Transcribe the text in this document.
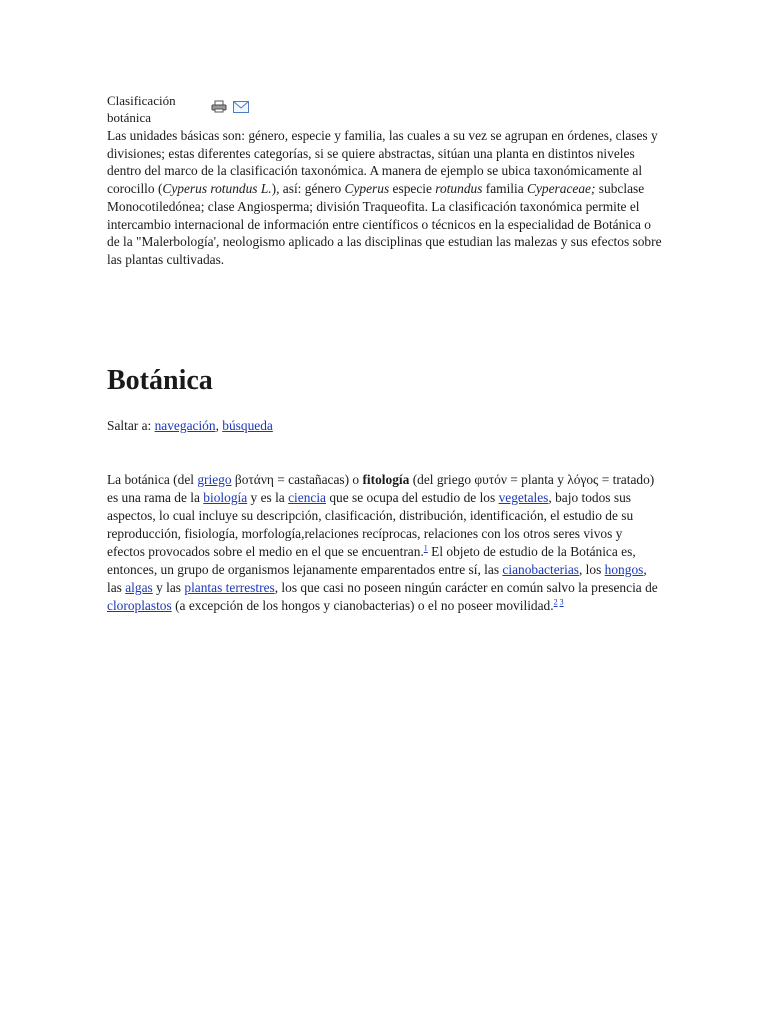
Clasificación botánica

Las unidades básicas son: género, especie y familia, las cuales a su vez se agrupan en órdenes, clases y divisiones; estas diferentes categorías, si se quiere abstractas, sitúan una planta en distintos niveles dentro del marco de la clasificación taxonómica. A manera de ejemplo se ubica taxonómicamente al corocillo (Cyperus rotundus L.), así: género Cyperus especie rotundus familia Cyperaceae; subclase Monocotiledónea; clase Angiosperma; división Traqueofita. La clasificación taxonómica permite el intercambio internacional de información entre científicos o técnicos en la especialidad de Botánica o de la "Malerbología', neologismo aplicado a las disciplinas que estudian las malezas y sus efectos sobre las plantas cultivadas.

Botánica
Saltar a: navegación, búsqueda

La botánica (del griego βοτάνη = castañacas) o fitología (del griego φυτόν = planta y λόγος = tratado) es una rama de la biología y es la ciencia que se ocupa del estudio de los vegetales, bajo todos sus aspectos, lo cual incluye su descripción, clasificación, distribución, identificación, el estudio de su reproducción, fisiología, morfología,relaciones recíprocas, relaciones con los otros seres vivos y efectos provocados sobre el medio en el que se encuentran.$^1$ El objeto de estudio de la Botánica es, entonces, un grupo de organismos lejanamente emparentados entre sí, las cianobacterias, los hongos, las algas y las plantas terrestres, los que casi no poseen ningún carácter en común salvo la presencia de cloroplastos (a excepción de los hongos y cianobacterias) o el no poseer movilidad.$^{2 3}$
